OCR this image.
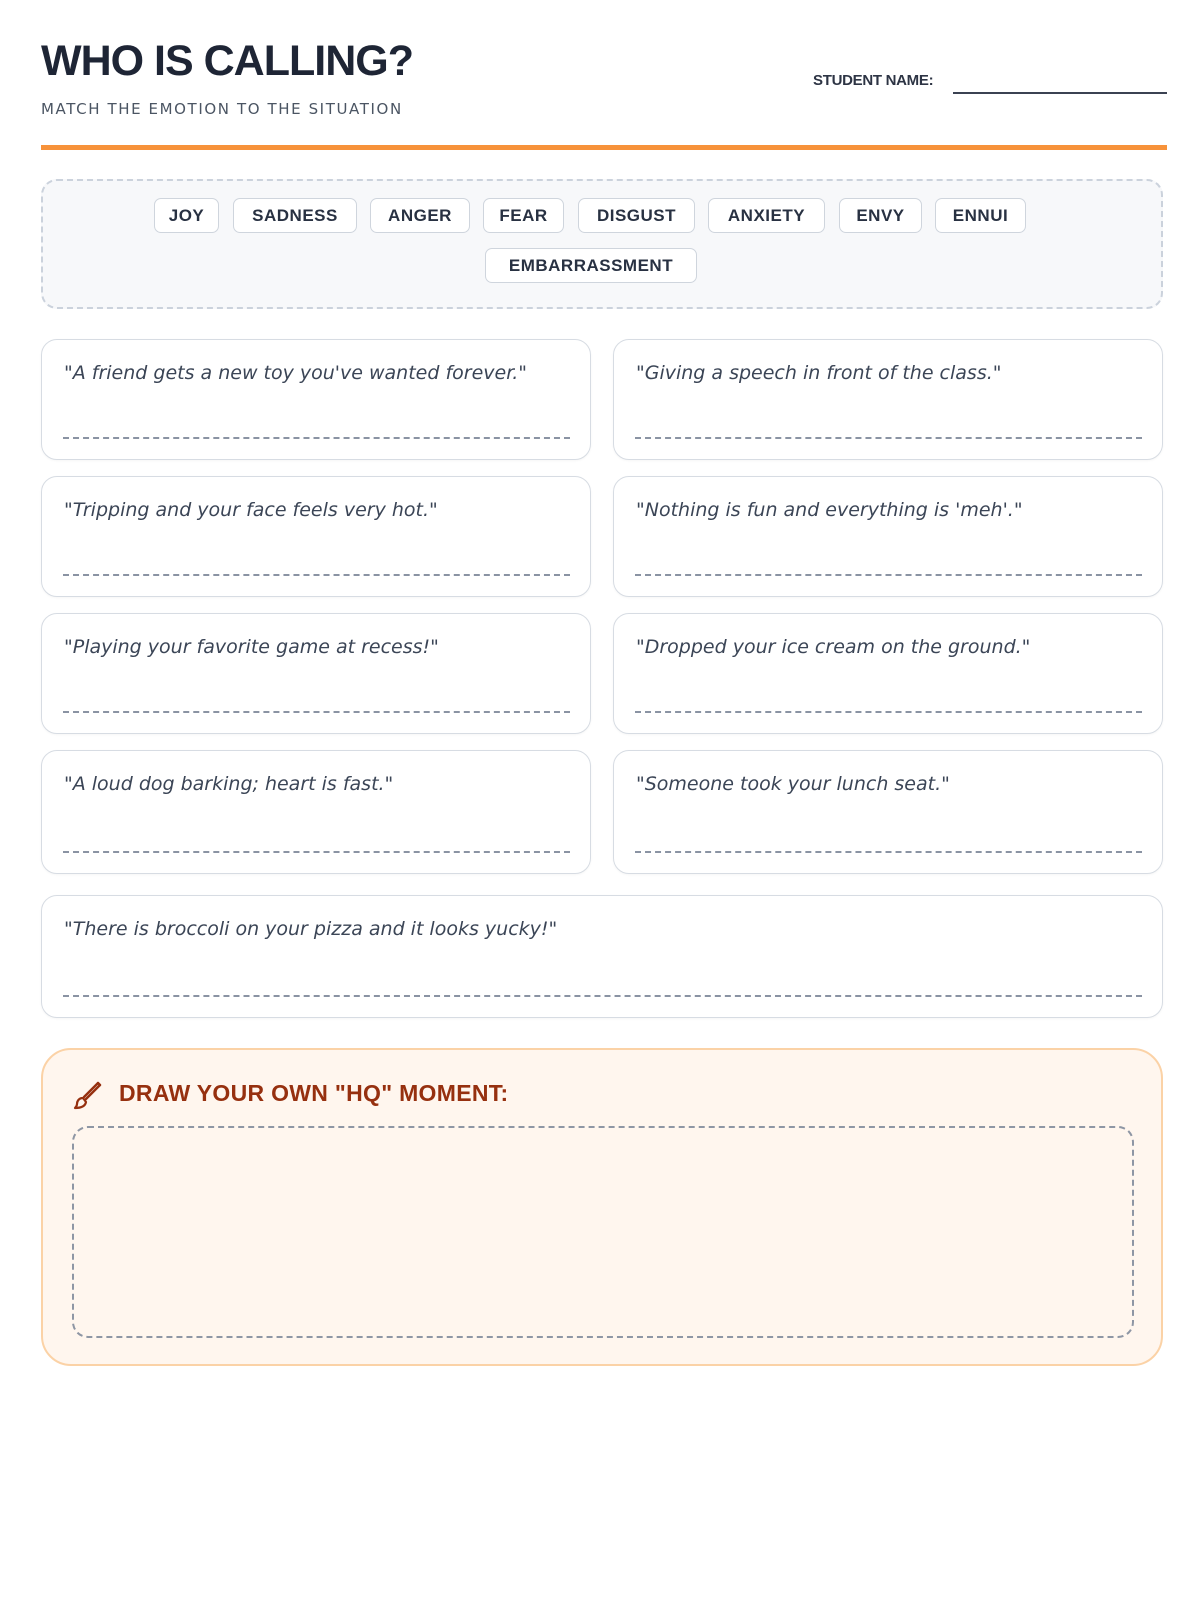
WHO IS CALLING?
MATCH THE EMOTION TO THE SITUATION
STUDENT NAME:
JOY	SADNESS	ANGER	FEAR	DISGUST	ANXIETY	ENVY	ENNUI
EMBARRASSMENT
"A friend gets a new toy you've wanted forever."	"Giving a speech in front of the class."
"Tripping and your face feels very hot."	"Nothing is fun and everything is 'meh'."
"Playing your favorite game at recess!"	"Dropped your ice cream on the ground."
"A loud dog barking; heart is fast."	"Someone took your lunch seat."
"There is broccoli on your pizza and it looks yucky!"
DRAW YOUR OWN "HQ" MOMENT:
